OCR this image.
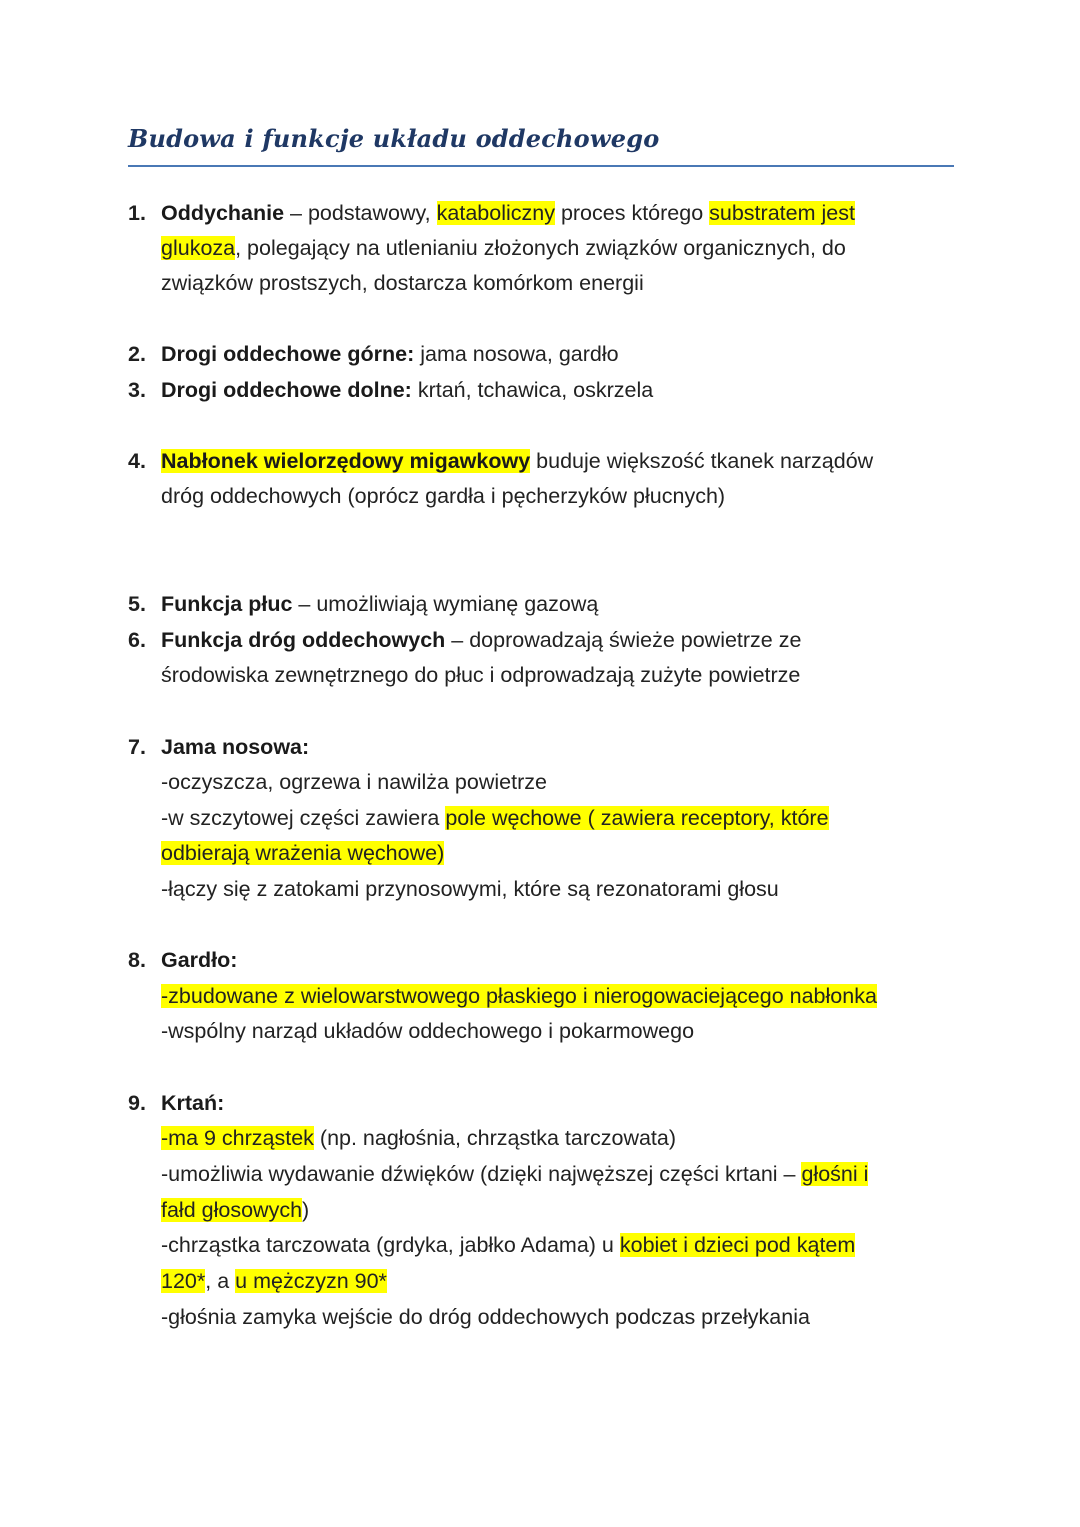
Budowa i funkcje układu oddechowego
1. Oddychanie – podstawowy, kataboliczny proces którego substratem jest
glukoza, polegający na utlenianiu złożonych związków organicznych, do
związków prostszych, dostarcza komórkom energii
2. Drogi oddechowe górne: jama nosowa, gardło
3. Drogi oddechowe dolne: krtań, tchawica, oskrzela
4. Nabłonek wielorzędowy migawkowy buduje większość tkanek narządów
dróg oddechowych (oprócz gardła i pęcherzyków płucnych)
5. Funkcja płuc – umożliwiają wymianę gazową
6. Funkcja dróg oddechowych – doprowadzają świeże powietrze ze
środowiska zewnętrznego do płuc i odprowadzają zużyte powietrze
7. Jama nosowa:
-oczyszcza, ogrzewa i nawilża powietrze
-w szczytowej części zawiera pole węchowe ( zawiera receptory, które
odbierają wrażenia węchowe)
-łączy się z zatokami przynosowymi, które są rezonatorami głosu
8. Gardło:
-zbudowane z wielowarstwowego płaskiego i nierogowaciejącego nabłonka
-wspólny narząd układów oddechowego i pokarmowego
9. Krtań:
-ma 9 chrząstek (np. nagłośnia, chrząstka tarczowata)
-umożliwia wydawanie dźwięków (dzięki najwęższej części krtani – głośni i
fałd głosowych)
-chrząstka tarczowata (grdyka, jabłko Adama) u kobiet i dzieci pod kątem
120*, a u mężczyzn 90*
-głośnia zamyka wejście do dróg oddechowych podczas przełykania
